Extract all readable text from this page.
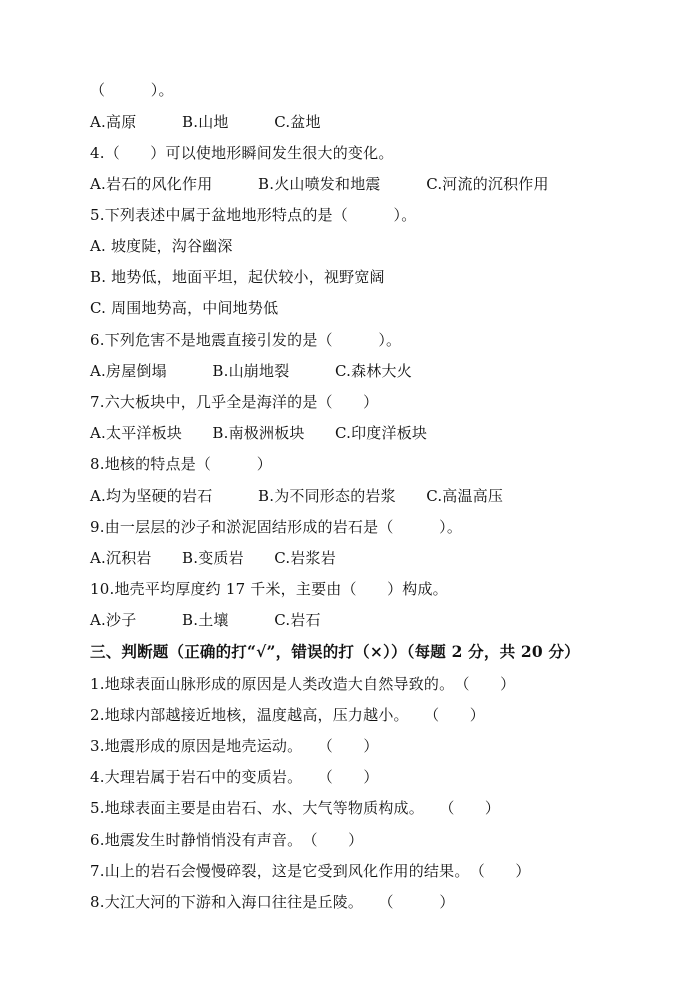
（　　　）。
A.高原　　　B.山地　　　C.盆地
4.（　　）可以使地形瞬间发生很大的变化。
A.岩石的风化作用　　　B.火山喷发和地震　　　C.河流的沉积作用
5.下列表述中属于盆地地形特点的是（　　　）。
A. 坡度陡，沟谷幽深
B. 地势低，地面平坦，起伏较小，视野宽阔
C. 周围地势高，中间地势低
6.下列危害不是地震直接引发的是（　　　）。
A.房屋倒塌　　　B.山崩地裂　　　C.森林大火
7.六大板块中，几乎全是海洋的是（　　）
A.太平洋板块　　B.南极洲板块　　C.印度洋板块
8.地核的特点是（　　　）
A.均为坚硬的岩石　　　B.为不同形态的岩浆　　C.高温高压
9.由一层层的沙子和淤泥固结形成的岩石是（　　　）。
A.沉积岩　　B.变质岩　　C.岩浆岩
10.地壳平均厚度约 17 千米，主要由（　　）构成。
A.沙子　　　B.土壤　　　C.岩石
三、判断题（正确的打“√”，错误的打（×））（每题 2 分，共 20 分）
1.地球表面山脉形成的原因是人类改造大自然导致的。　（　　）
2.地球内部越接近地核，温度越高，压力越小。　　（　　）
3.地震形成的原因是地壳运动。　　（　　）
4.大理岩属于岩石中的变质岩。　　（　　）
5.地球表面主要是由岩石、水、大气等物质构成。　　（　　）
6.地震发生时静悄悄没有声音。　（　　）
7.山上的岩石会慢慢碎裂，这是它受到风化作用的结果。　（　　）
8.大江大河的下游和入海口往往是丘陵。　　（　　　）
